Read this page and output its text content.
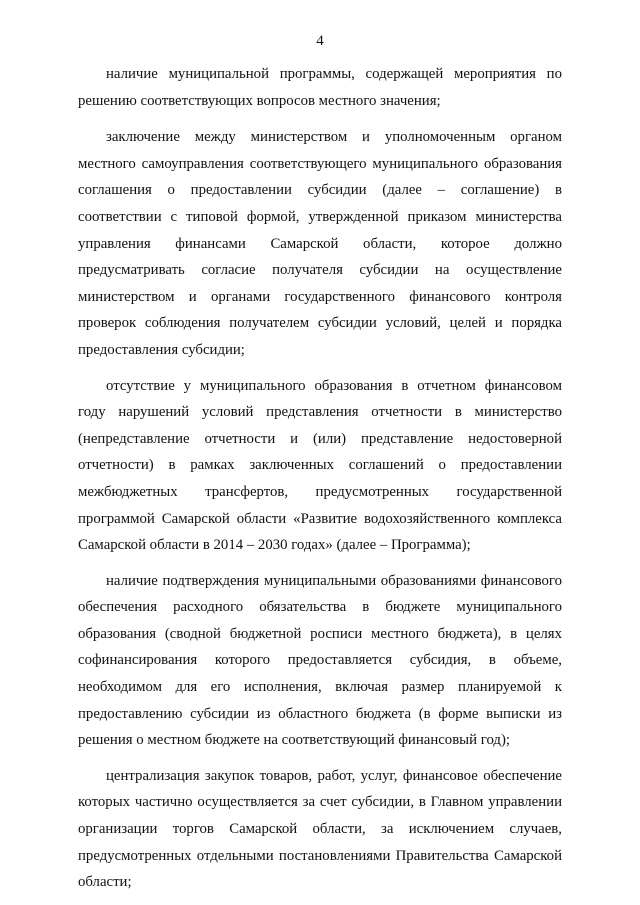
4

наличие муниципальной программы, содержащей мероприятия по решению соответствующих вопросов местного значения;

заключение между министерством и уполномоченным органом местного самоуправления соответствующего муниципального образования соглашения о предоставлении субсидии (далее – соглашение) в соответствии с типовой формой, утвержденной приказом министерства управления финансами Самарской области, которое должно предусматривать согласие получателя субсидии на осуществление министерством и органами государственного финансового контроля проверок соблюдения получателем субсидии условий, целей и порядка предоставления субсидии;

отсутствие у муниципального образования в отчетном финансовом году нарушений условий представления отчетности в министерство (непредставление отчетности и (или) представление недостоверной отчетности) в рамках заключенных соглашений о предоставлении межбюджетных трансфертов, предусмотренных государственной программой Самарской области «Развитие водохозяйственного комплекса Самарской области в 2014 – 2030 годах» (далее – Программа);

наличие подтверждения муниципальными образованиями финансового обеспечения расходного обязательства в бюджете муниципального образования (сводной бюджетной росписи местного бюджета), в целях софинансирования которого предоставляется субсидия, в объеме, необходимом для его исполнения, включая размер планируемой к предоставлению субсидии из областного бюджета (в форме выписки из решения о местном бюджете на соответствующий финансовый год);

централизация закупок товаров, работ, услуг, финансовое обеспечение которых частично осуществляется за счет субсидии, в Главном управлении организации торгов Самарской области, за исключением случаев, предусмотренных отдельными постановлениями Правительства Самарской области;
